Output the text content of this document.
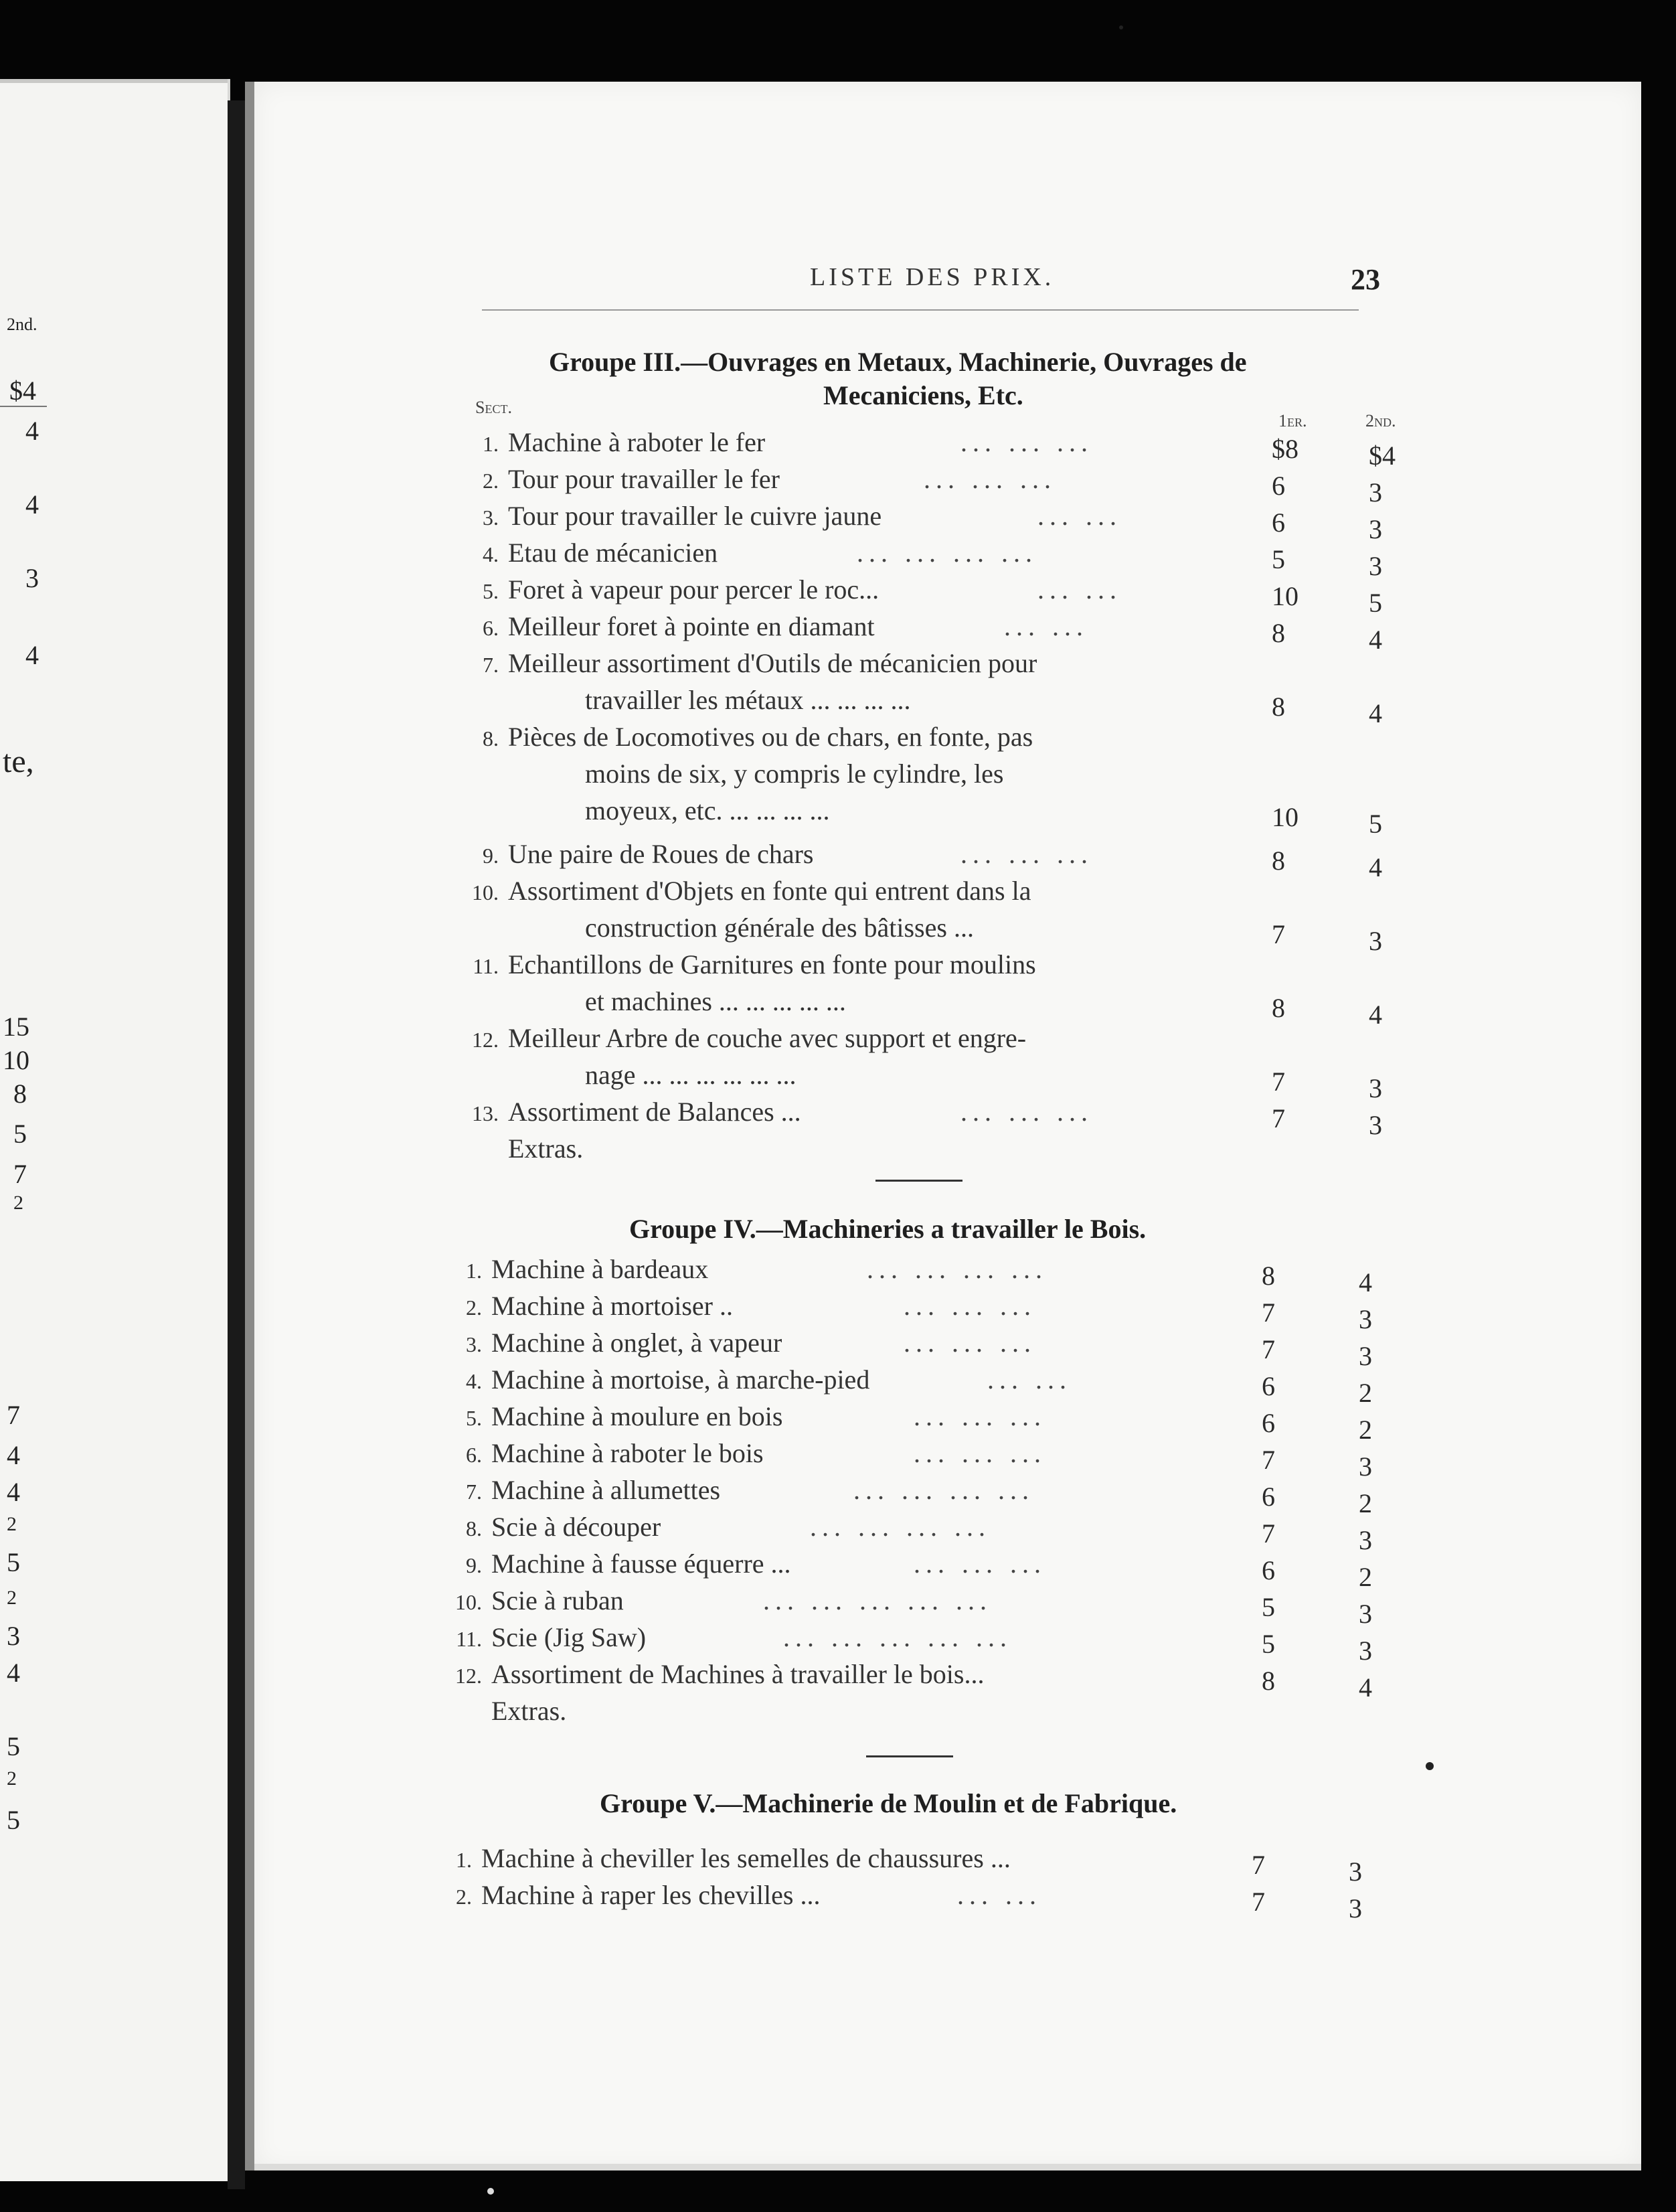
2nd.
$4
4
4
3
4
te,
15
10
8
5
7
2
7
4
4
2
5
2
3
4
5
2
5
LISTE DES PRIX.	23
Groupe III.—Ouvrages en Metaux, Machinerie, Ouvrages de
Mecaniciens, Etc.
Sect.
1er.	2nd.
Groupe IV.—Machineries a travailler le Bois.
Groupe V.—Machinerie de Moulin et de Fabrique.
1. Machine à raboter le fer	... ... ...	$8	$4
2. Tour pour travailler le fer	... ... ...	6	3
3. Tour pour travailler le cuivre jaune	... ...	6	3
4. Etau de mécanicien	... ... ... ...	5	3
5. Foret à vapeur pour percer le roc...	... ...	10	5
6. Meilleur foret à pointe en diamant	... ...	8	4
7. Meilleur assortiment d'Outils de mécanicien pour
travailler les métaux ... ... ... ...	8	4
8. Pièces de Locomotives ou de chars, en fonte, pas
moins de six, y compris le cylindre, les
moyeux, etc. ... ... ... ...	10	5
9. Une paire de Roues de chars	... ... ...	8	4
10. Assortiment d'Objets en fonte qui entrent dans la
construction générale des bâtisses ...	7	3
11. Echantillons de Garnitures en fonte pour moulins
et machines ... ... ... ... ...	8	4
12. Meilleur Arbre de couche avec support et engre-
nage ... ... ... ... ... ...	7	3
13. Assortiment de Balances ...	... ... ...	7	3
Extras.
1. Machine à bardeaux	... ... ... ...	8	4
2. Machine à mortoiser ..	... ... ...	7	3
3. Machine à onglet, à vapeur	... ... ...	7	3
4. Machine à mortoise, à marche-pied	... ...	6	2
5. Machine à moulure en bois	... ... ...	6	2
6. Machine à raboter le bois	... ... ...	7	3
7. Machine à allumettes	... ... ... ...	6	2
8. Scie à découper	... ... ... ...	7	3
9. Machine à fausse équerre ...	... ... ...	6	2
10. Scie à ruban	... ... ... ... ...	5	3
11. Scie (Jig Saw)	... ... ... ... ...	5	3
12. Assortiment de Machines à travailler le bois...	8	4
Extras.
1. Machine à cheviller les semelles de chaussures ...	7	3
2. Machine à raper les chevilles ...	... ...	7	3
